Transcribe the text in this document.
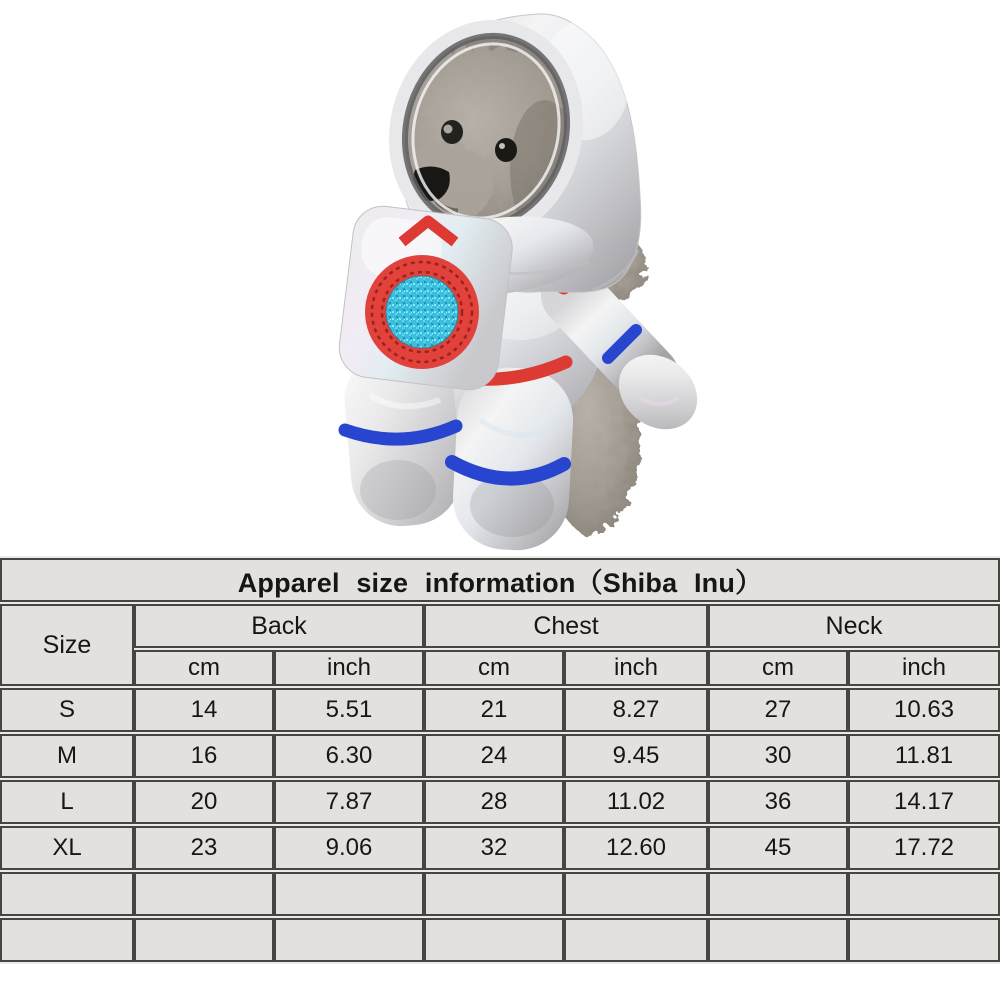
Apparel size information（Shiba Inu）						
Size	Back		Chest		Neck	
	cm	inch	cm	inch	cm	inch
S	14	5.51	21	8.27	27	10.63
M	16	6.30	24	9.45	30	11.81
L	20	7.87	28	11.02	36	14.17
XL	23	9.06	32	12.60	45	17.72
